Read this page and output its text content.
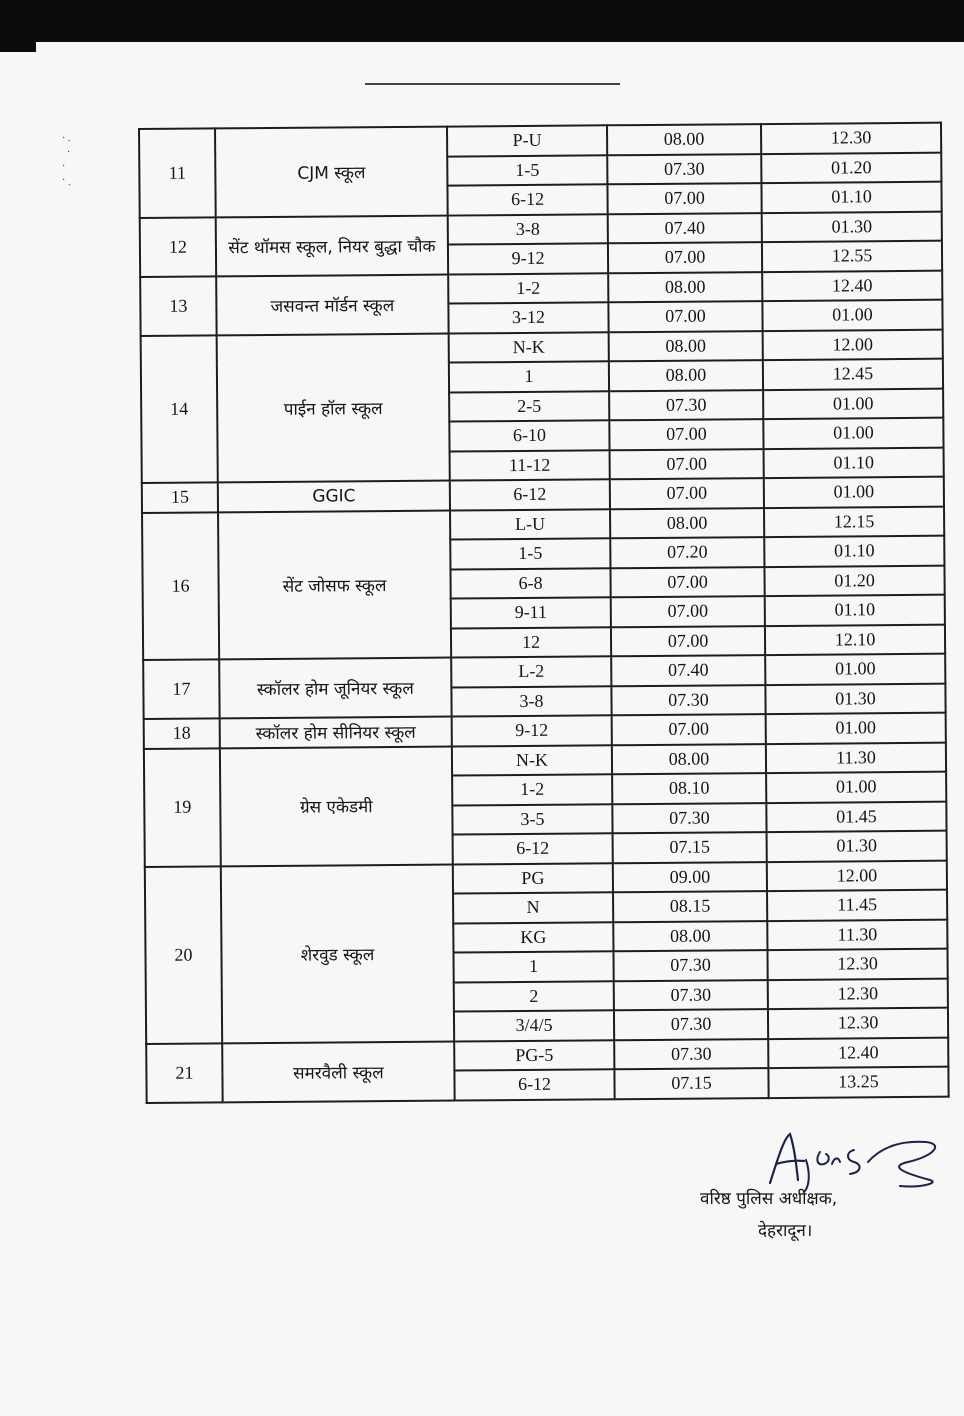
· .
·
·
· ˎ	11	CJM स्कूल	P-U	08.00	12.30
		1-5	07.30	01.20
		6-12	07.00	01.10
12	सेंट थॉमस स्कूल, नियर बुद्धा चौक	3-8	07.40	01.30
		9-12	07.00	12.55
13	जसवन्त मॉर्डन स्कूल	1-2	08.00	12.40
		3-12	07.00	01.00
14	पाईन हॉल स्कूल	N-K	08.00	12.00
		1	08.00	12.45
		2-5	07.30	01.00
		6-10	07.00	01.00
		11-12	07.00	01.10
15	GGIC	6-12	07.00	01.00
16	सेंट जोसफ स्कूल	L-U	08.00	12.15
		1-5	07.20	01.10
		6-8	07.00	01.20
		9-11	07.00	01.10
		12	07.00	12.10
17	स्कॉलर होम जूनियर स्कूल	L-2	07.40	01.00
		3-8	07.30	01.30
18	स्कॉलर होम सीनियर स्कूल	9-12	07.00	01.00
19	ग्रेस एकेडमी	N-K	08.00	11.30
		1-2	08.10	01.00
		3-5	07.30	01.45
		6-12	07.15	01.30
20	शेरवुड स्कूल	PG	09.00	12.00
		N	08.15	11.45
		KG	08.00	11.30
		1	07.30	12.30
		2	07.30	12.30
		3/4/5	07.30	12.30
21	समरवैली स्कूल	PG-5	07.30	12.40
		6-12	07.15	13.25
वरिष्ठ पुलिस अधीक्षक,
देहरादून।
